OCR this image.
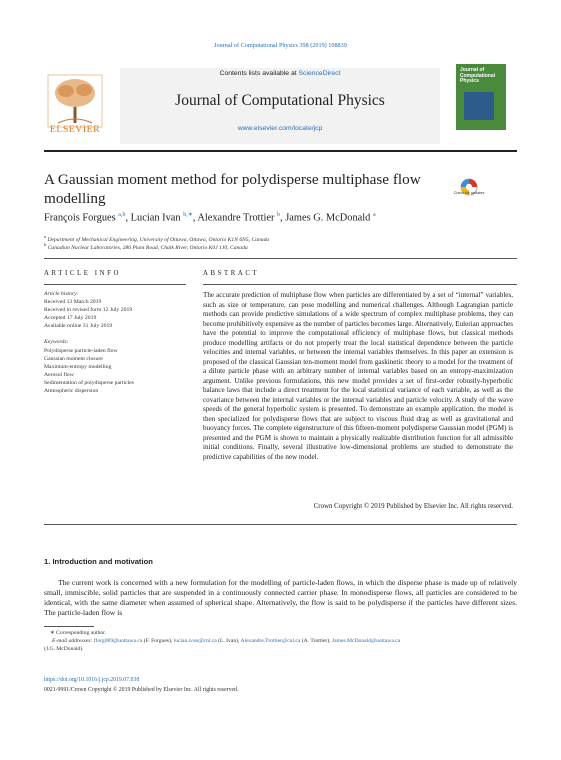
Journal of Computational Physics 398 (2019) 108839
Contents lists available at ScienceDirect
Journal of Computational Physics
www.elsevier.com/locate/jcp
ELSEVIER
Journal of
Computational
Physics
A Gaussian moment method for polydisperse multiphase flow modelling	Check for updates
François Forgues $^{a,b}$, Lucian Ivan $^{b,∗}$, Alexandre Trottier $^b$, James G. McDonald $^a$
$^a$ Department of Mechanical Engineering, University of Ottawa, Ottawa, Ontario K1N 6N5, Canada
$^b$ Canadian Nuclear Laboratories, 286 Plant Road, Chalk River, Ontario K0J 1J0, Canada
ARTICLE INFO	ABSTRACT
Article history:
Received 13 March 2019
Received in revised form 12 July 2019
Accepted 17 July 2019
Available online 31 July 2019
Keywords:
Polydisperse particle-laden flow
Gaussian moment closure
Maximum-entropy modelling
Aerosol flow
Sedimentation of polydisperse particles
Atmospheric dispersion
The accurate prediction of multiphase flow when particles are differentiated by a set of “internal” variables, such as size or temperature, can pose modelling and numerical challenges. Although Lagrangian particle methods can provide predictive simulations of a wide spectrum of complex multiphase problems, they can become prohibitively expensive as the number of particles becomes large. Alternatively, Eulerian approaches have the potential to improve the computational efficiency of multiphase flows, but classical methods produce modelling artifacts or do not properly treat the local statistical dependence between the particle velocities and internal variables, or between the internal variables themselves. In this paper an extension is proposed of the classical Gaussian ten-moment model from gaskinetic theory to a model for the treatment of a dilute particle phase with an arbitrary number of internal variables based on an entropy-maximization argument. Unlike previous formulations, this new model provides a set of first-order robustly-hyperbolic balance laws that include a direct treatment for the local statistical variance of each variable, as well as the covariance between the internal variables or the internal variables and particle velocity. A study of the wave speeds of the general hyperbolic system is presented. To demonstrate an example application, the model is then specialized for polydisperse flows that are subject to viscous fluid drag as well as gravitational and buoyancy forces. The complete eigenstructure of this fifteen-moment polydisperse Gaussian model (PGM) is presented and the PGM is shown to maintain a physically realizable distribution function for all admissible initial conditions. Finally, several illustrative low-dimensional problems are studied to demonstrate the predictive capabilities of the new model.
Crown Copyright © 2019 Published by Elsevier Inc. All rights reserved.
1. Introduction and motivation
The current work is concerned with a new formulation for the modelling of particle-laden flows, in which the disperse phase is made up of relatively small, immiscible, solid particles that are suspended in a continuously connected carrier phase. In monodisperse flows, all particles are considered to be identical, with the same diameter when assumed of spherical shape. Alternatively, the flow is said to be polydisperse if the particles have different sizes. The particle-laden flow is
∗ Corresponding author.
E-mail addresses: fforg089@uottawa.ca (F. Forgues), lucian.ivan@cnl.ca (L. Ivan), Alexandre.Trottier@cnl.ca (A. Trottier), James.McDonald@uottawa.ca
(J.G. McDonald).
https://doi.org/10.1016/j.jcp.2019.07.038
0021-9991/Crown Copyright © 2019 Published by Elsevier Inc. All rights reserved.
